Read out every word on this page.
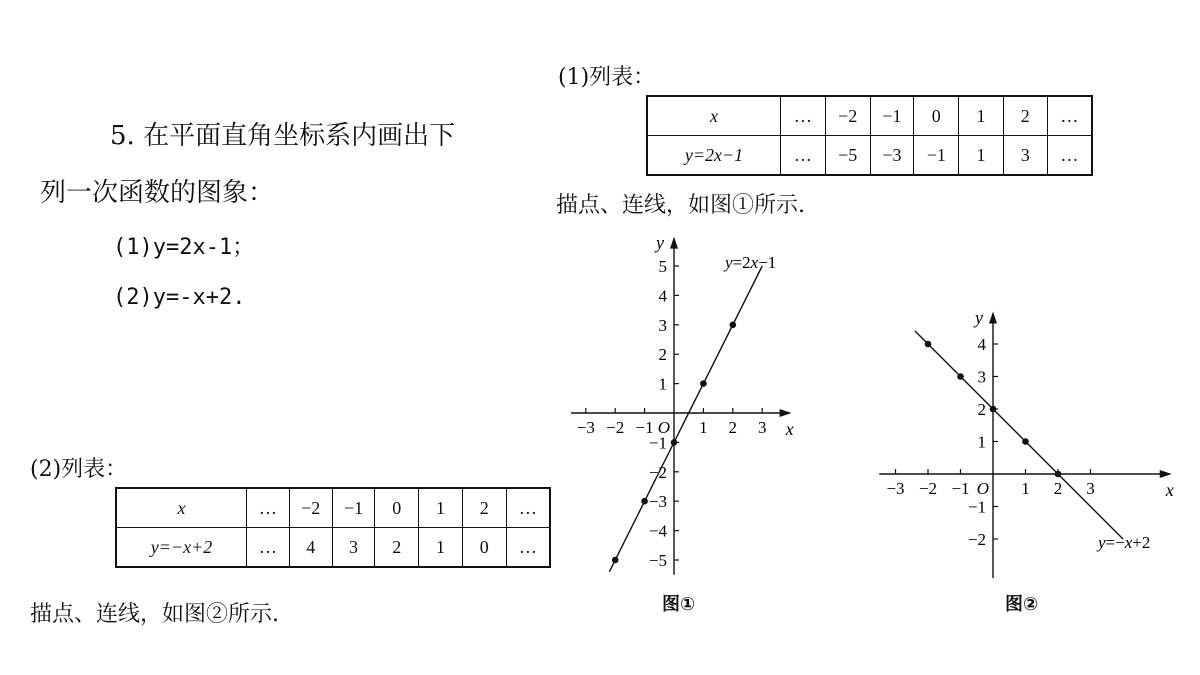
5. 在平面直角坐标系内画出下
列一次函数的图象：
(1)y=2x-1；
(2)y=-x+2.
(2)列表：
x	…	−2	−1	0	1	2	…
y=−x+2	…	4	3	2	1	0	…
描点、连线，如图②所示.
(1)列表：
x	…	−2	−1	0	1	2	…
y=2x−1	…	−5	−3	−1	1	3	…
描点、连线，如图①所示.
x
y
O
−3 −2 −1	1 2 3
−5
−4
−3
−2
−1
1
2
3
4
5	y=2x−1
图①
x
y
O
−3 −2 −1	1 2 3
−2
−1
1
2
3
4
y=−x+2
图②
